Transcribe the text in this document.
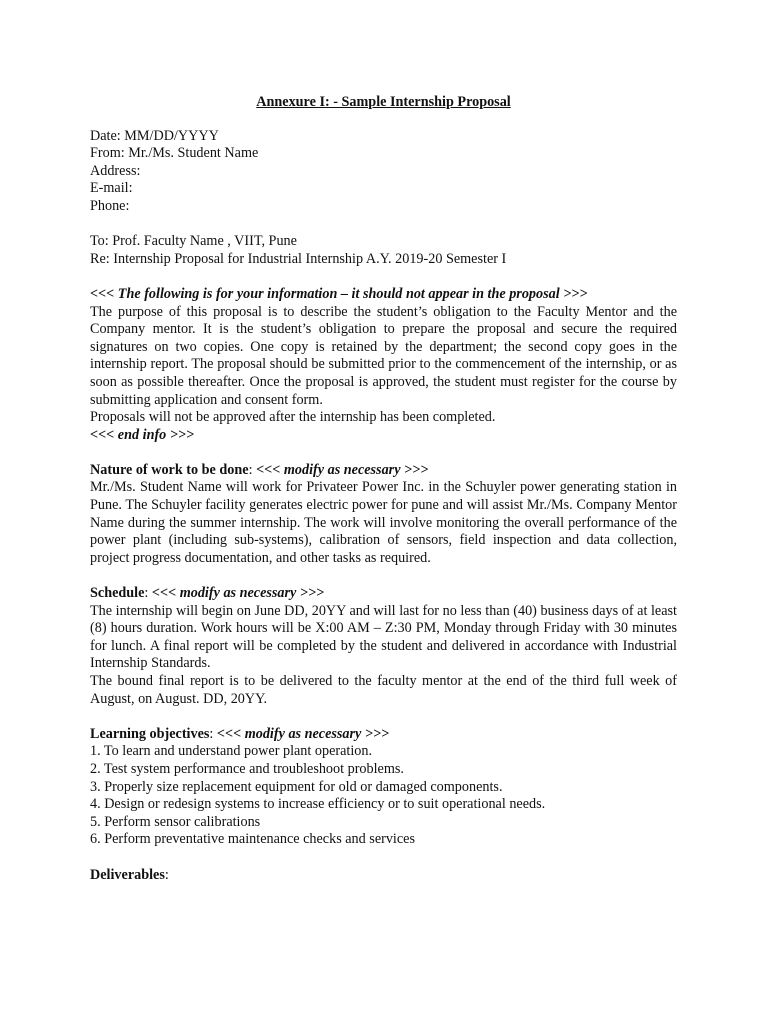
Annexure I: - Sample Internship Proposal

Date: MM/DD/YYYY

From: Mr./Ms. Student Name

Address:

E-mail:

Phone:

To: Prof. Faculty Name , VIIT, Pune

Re: Internship Proposal for Industrial Internship A.Y. 2019-20 Semester I

<<< The following is for your information – it should not appear in the proposal >>>

The purpose of this proposal is to describe the student’s obligation to the Faculty Mentor and the Company mentor. It is the student’s obligation to prepare the proposal and secure the required signatures on two copies. One copy is retained by the department; the second copy goes in the internship report. The proposal should be submitted prior to the commencement of the internship, or as soon as possible thereafter. Once the proposal is approved, the student must register for the course by submitting application and consent form.

Proposals will not be approved after the internship has been completed.

<<< end info >>>

Nature of work to be done: <<< modify as necessary >>>

Mr./Ms. Student Name will work for Privateer Power Inc. in the Schuyler power generating station in Pune. The Schuyler facility generates electric power for pune and will assist Mr./Ms. Company Mentor Name during the summer internship. The work will involve monitoring the overall performance of the power plant (including sub-systems), calibration of sensors, field inspection and data collection, project progress documentation, and other tasks as required.

Schedule: <<< modify as necessary >>>

The internship will begin on June DD, 20YY and will last for no less than (40) business days of at least (8) hours duration. Work hours will be X:00 AM – Z:30 PM, Monday through Friday with 30 minutes for lunch. A final report will be completed by the student and delivered in accordance with Industrial Internship Standards.

The bound final report is to be delivered to the faculty mentor at the end of the third full week of August, on August. DD, 20YY.

Learning objectives: <<< modify as necessary >>>

1. To learn and understand power plant operation.

2. Test system performance and troubleshoot problems.

3. Properly size replacement equipment for old or damaged components.

4. Design or redesign systems to increase efficiency or to suit operational needs.

5. Perform sensor calibrations

6. Perform preventative maintenance checks and services

Deliverables:
